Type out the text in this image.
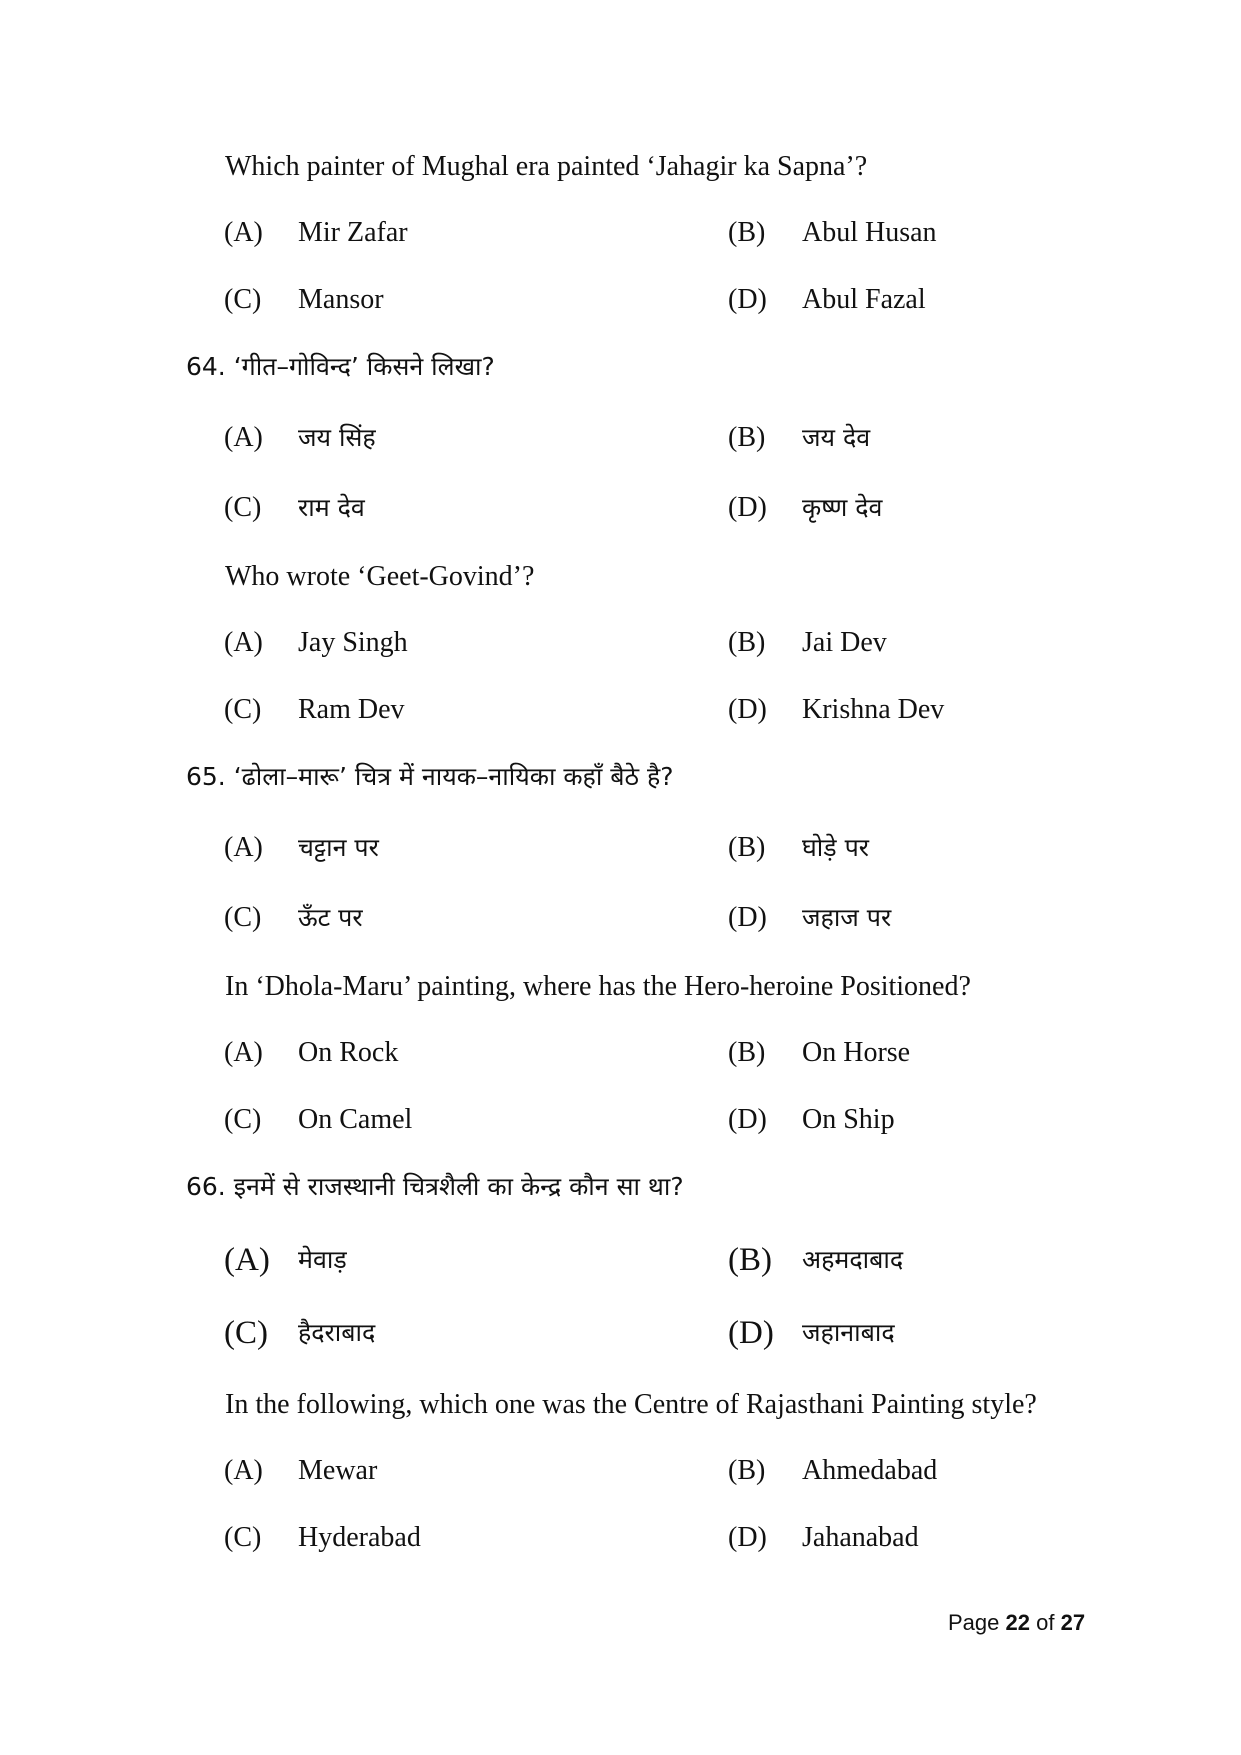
Which painter of Mughal era painted ‘Jahagir ka Sapna’?
(A) Mir Zafar	(B) Abul Husan
(C) Mansor	(D) Abul Fazal
64. ‘गीत–गोविन्द’ किसने लिखा?
(A) जय सिंह	(B) जय देव
(C) राम देव	(D) कृष्ण देव
Who wrote ‘Geet-Govind’?
(A) Jay Singh	(B) Jai Dev
(C) Ram Dev	(D) Krishna Dev
65. ‘ढोला–मारू’ चित्र में नायक–नायिका कहाँ बैठे है?
(A) चट्टान पर	(B) घोड़े पर
(C) ऊँट पर	(D) जहाज पर
In ‘Dhola-Maru’ painting, where has the Hero-heroine Positioned?
(A) On Rock	(B) On Horse
(C) On Camel	(D) On Ship
66. इनमें से राजस्थानी चित्रशैली का केन्द्र कौन सा था?
(A) मेवाड़	(B) अहमदाबाद
(C) हैदराबाद	(D) जहानाबाद
In the following, which one was the Centre of Rajasthani Painting style?
(A) Mewar	(B) Ahmedabad
(C) Hyderabad	(D) Jahanabad
Page 22 of 27
